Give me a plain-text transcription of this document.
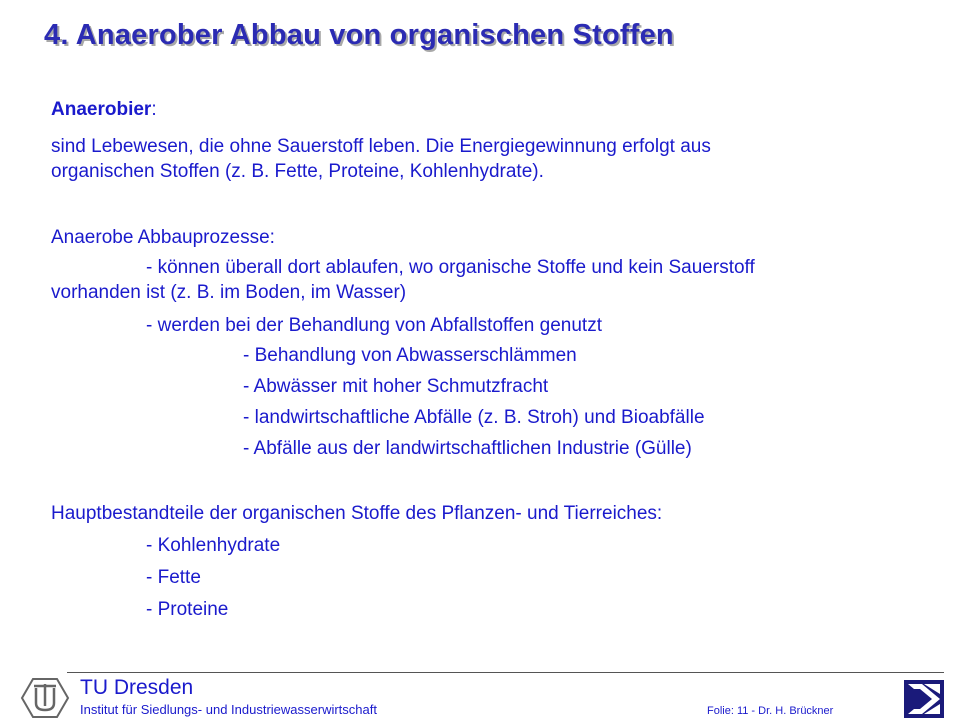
4. Anaerober Abbau von organischen Stoffen
Anaerobier:
sind Lebewesen, die ohne Sauerstoff leben. Die Energiegewinnung erfolgt aus
organischen Stoffen (z. B. Fette, Proteine, Kohlenhydrate).
Anaerobe Abbauprozesse:
- können überall dort ablaufen, wo organische Stoffe und kein Sauerstoff
vorhanden ist (z. B. im Boden, im Wasser)
- werden bei der Behandlung von Abfallstoffen genutzt
- Behandlung von Abwasserschlämmen
- Abwässer mit hoher Schmutzfracht
- landwirtschaftliche Abfälle (z. B. Stroh) und Bioabfälle
- Abfälle aus der landwirtschaftlichen Industrie (Gülle)
Hauptbestandteile der organischen Stoffe des Pflanzen- und Tierreiches:
- Kohlenhydrate
- Fette
- Proteine
TU Dresden
Institut für Siedlungs- und Industriewasserwirtschaft	Folie: 11 - Dr. H. Brückner
